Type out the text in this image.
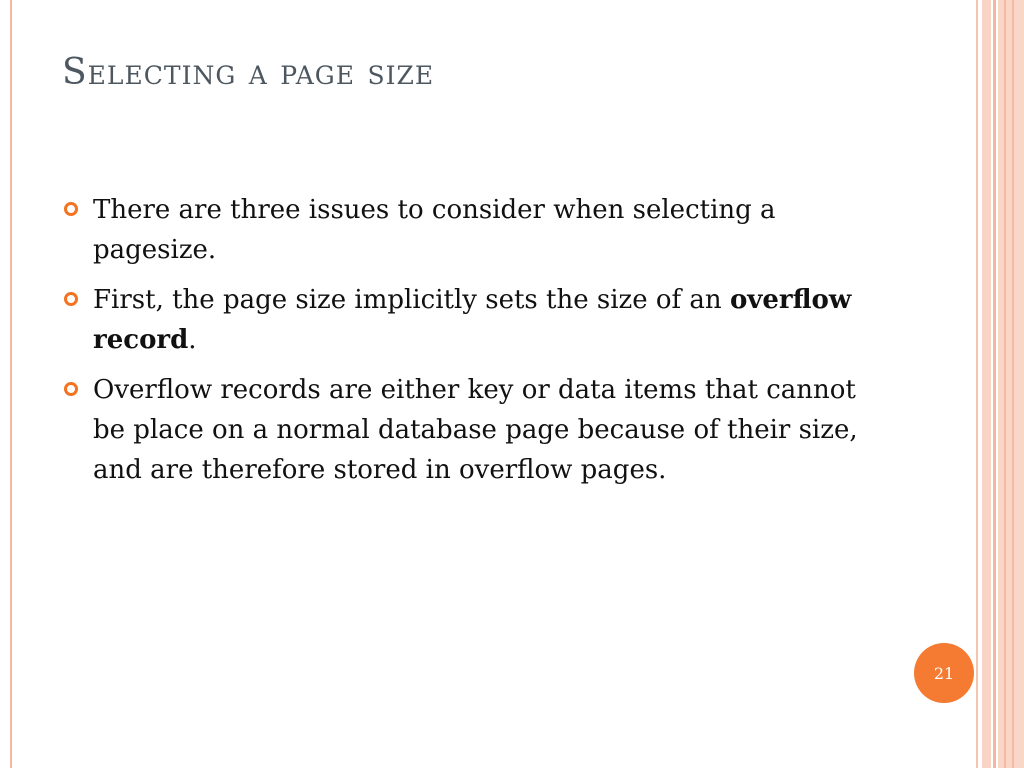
Selecting a page size
There are three issues to consider when selecting a pagesize.
First, the page size implicitly sets the size of an overflow record.
Overflow records are either key or data items that cannot be place on a normal database page because of their size, and are therefore stored in overflow pages.
21
